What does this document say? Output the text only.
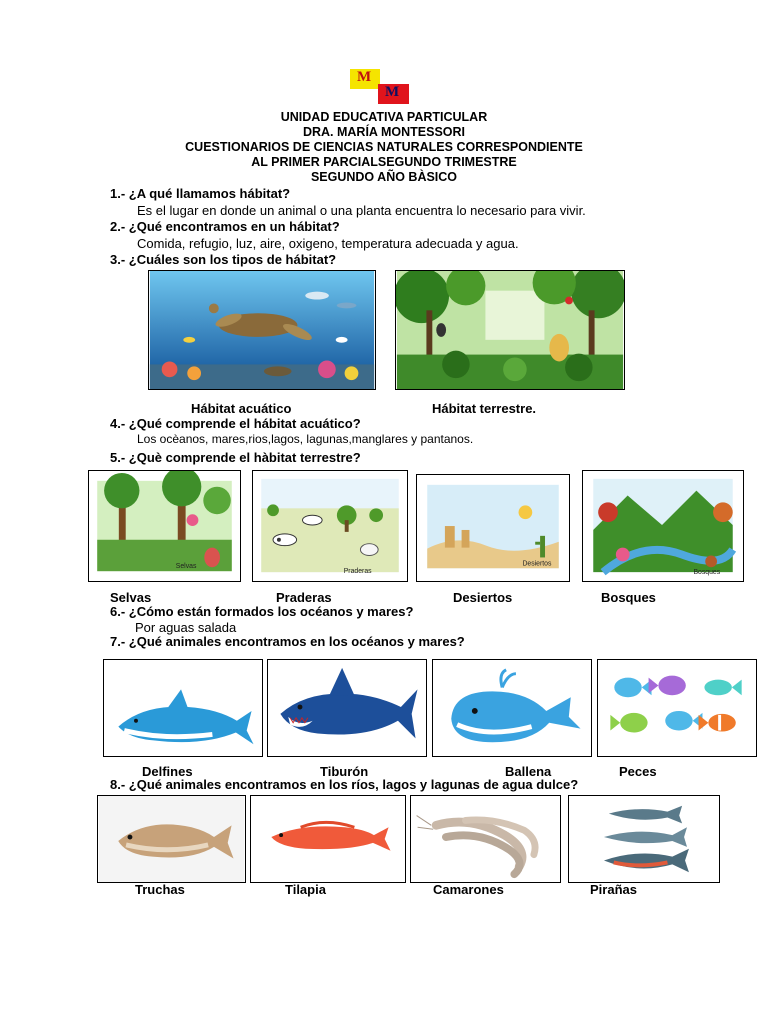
M
M
UNIDAD EDUCATIVA PARTICULAR
DRA. MARÍA MONTESSORI
CUESTIONARIOS DE CIENCIAS NATURALES CORRESPONDIENTE
AL PRIMER PARCIALSEGUNDO TRIMESTRE
SEGUNDO AÑO BÀSICO
1.- ¿A qué llamamos hábitat?
Es el lugar en donde un animal o una planta encuentra lo necesario para vivir.
2.- ¿Qué encontramos en un hábitat?
Comida, refugio, luz, aire, oxigeno, temperatura adecuada y agua.
3.- ¿Cuáles son los tipos de hábitat?
Hábitat acuático	Hábitat terrestre.
4.- ¿Qué comprende el hábitat acuático?
Los ocèanos, mares,rios,lagos, lagunas,manglares y pantanos.
5.- ¿Què comprende el hàbitat terrestre?
Selvas
Praderas
Desiertos
Bosques
Selvas	Praderas	Desiertos	Bosques
6.- ¿Cómo están formados los océanos y mares?
Por aguas salada
7.- ¿Qué animales encontramos en los océanos y mares?
Delfines	Tiburón	Ballena	Peces
8.- ¿Qué animales encontramos en los ríos, lagos y lagunas de agua dulce?
Truchas	Tilapia	Camarones	Pirañas
